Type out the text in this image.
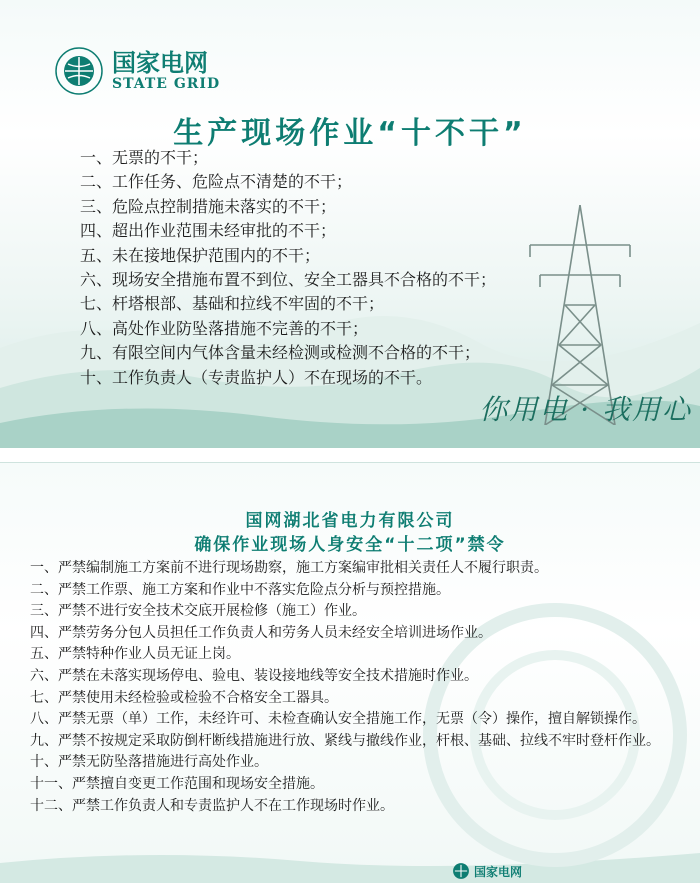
国家电网
STATE GRID
生产现场作业“十不干”
一、无票的不干；
二、工作任务、危险点不清楚的不干；
三、危险点控制措施未落实的不干；
四、超出作业范围未经审批的不干；
五、未在接地保护范围内的不干；
六、现场安全措施布置不到位、安全工器具不合格的不干；
七、杆塔根部、基础和拉线不牢固的不干；
八、高处作业防坠落措施不完善的不干；
九、有限空间内气体含量未经检测或检测不合格的不干；
十、工作负责人（专责监护人）不在现场的不干。
你用电 · 我用心
国网湖北省电力有限公司
确保作业现场人身安全“十二项”禁令
一、严禁编制施工方案前不进行现场勘察，施工方案编审批相关责任人不履行职责。
二、严禁工作票、施工方案和作业中不落实危险点分析与预控措施。
三、严禁不进行安全技术交底开展检修（施工）作业。
四、严禁劳务分包人员担任工作负责人和劳务人员未经安全培训进场作业。
五、严禁特种作业人员无证上岗。
六、严禁在未落实现场停电、验电、装设接地线等安全技术措施时作业。
七、严禁使用未经检验或检验不合格安全工器具。
八、严禁无票（单）工作，未经许可、未检查确认安全措施工作，无票（令）操作，擅自解锁操作。
九、严禁不按规定采取防倒杆断线措施进行放、紧线与撤线作业，杆根、基础、拉线不牢时登杆作业。
十、严禁无防坠落措施进行高处作业。
十一、严禁擅自变更工作范围和现场安全措施。
十二、严禁工作负责人和专责监护人不在工作现场时作业。
国家电网
